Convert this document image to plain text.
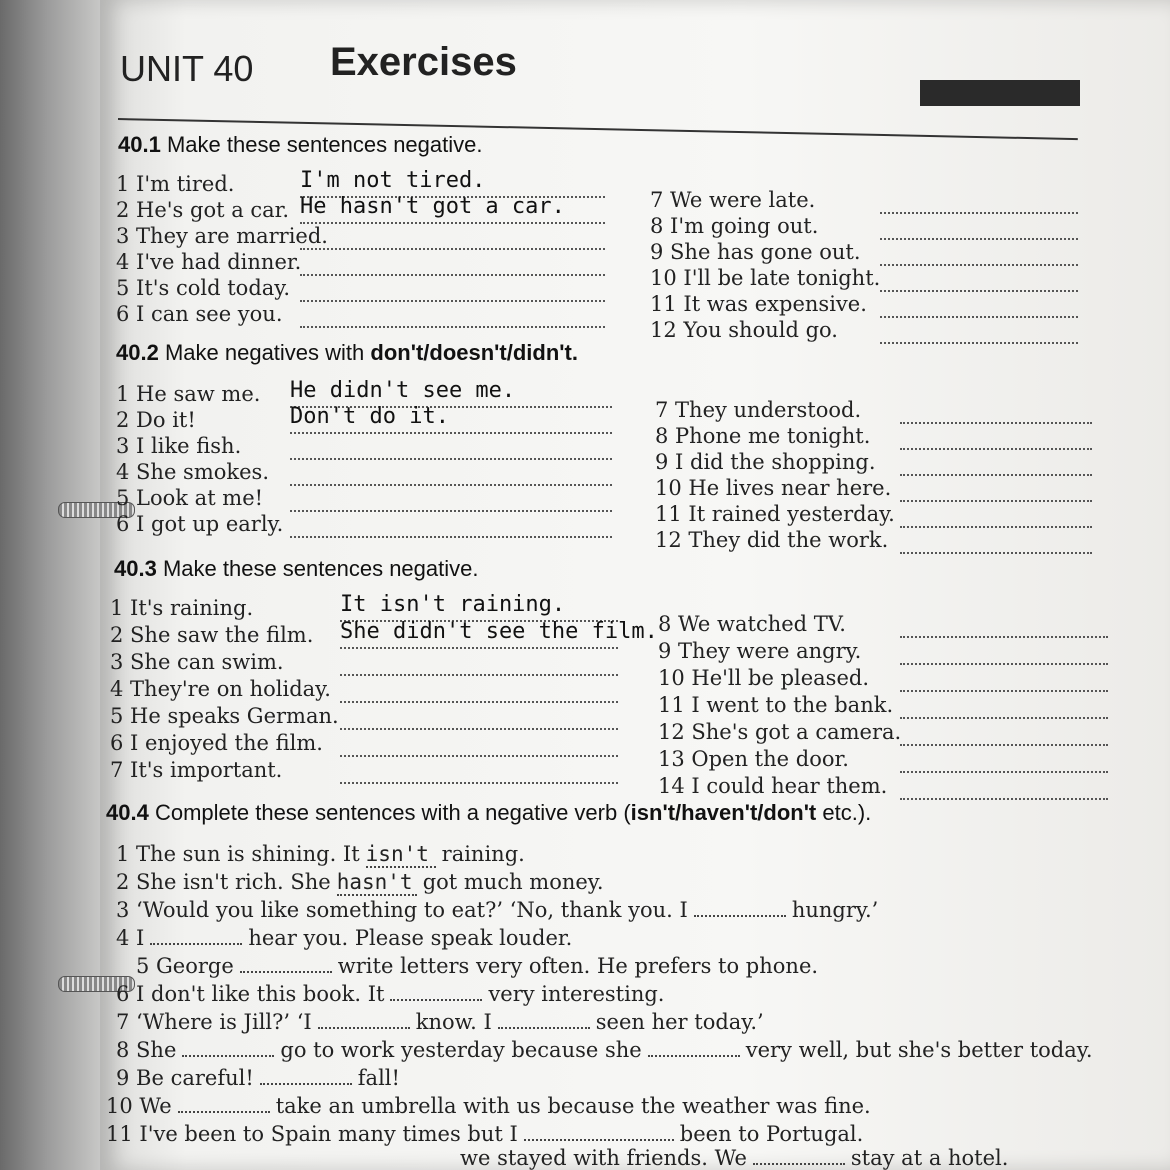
UNIT 40 Exercises
40.1 Make these sentences negative.
1 I'm tired.	I'm not tired.
2 He's got a car. He hasn't got a car.
3 They are married.
4 I've had dinner.
5 It's cold today.
6 I can see you.
7 We were late.
8 I'm going out.
9 She has gone out.
10 I'll be late tonight.
11 It was expensive.
12 You should go.
40.2 Make negatives with don't/doesn't/didn't.
1 He saw me. He didn't see me.
2 Do it!	Don't do it.
3 I like fish.
4 She smokes.
5 Look at me!
6 I got up early.
7 They understood.
8 Phone me tonight.
9 I did the shopping.
10 He lives near here.
11 It rained yesterday.
12 They did the work.
40.3 Make these sentences negative.
1 It's raining.	It isn't raining.
2 She saw the film. She didn't see the film.
3 She can swim.
4 They're on holiday.
5 He speaks German.
6 I enjoyed the film.
7 It's important.
8 We watched TV.
9 They were angry.
10 He'll be pleased.
11 I went to the bank.
12 She's got a camera.
13 Open the door.
14 I could hear them.
40.4 Complete these sentences with a negative verb (isn't/haven't/don't etc.).
1 The sun is shining. It isn't raining.
2 She isn't rich. She hasn't got much money.
3 ‘Would you like something to eat?’ ‘No, thank you. I	hungry.’
4 I	hear you. Please speak louder.
5 George	write letters very often. He prefers to phone.
6 I don't like this book. It	very interesting.
7 ‘Where is Jill?’ ‘I	know. I	seen her today.’
8 She	go to work yesterday because she	very well, but she's better today.
9 Be careful!	fall!
10 We	take an umbrella with us because the weather was fine.
11 I've been to Spain many times but I	been to Portugal.
we stayed with friends. We	stay at a hotel.
